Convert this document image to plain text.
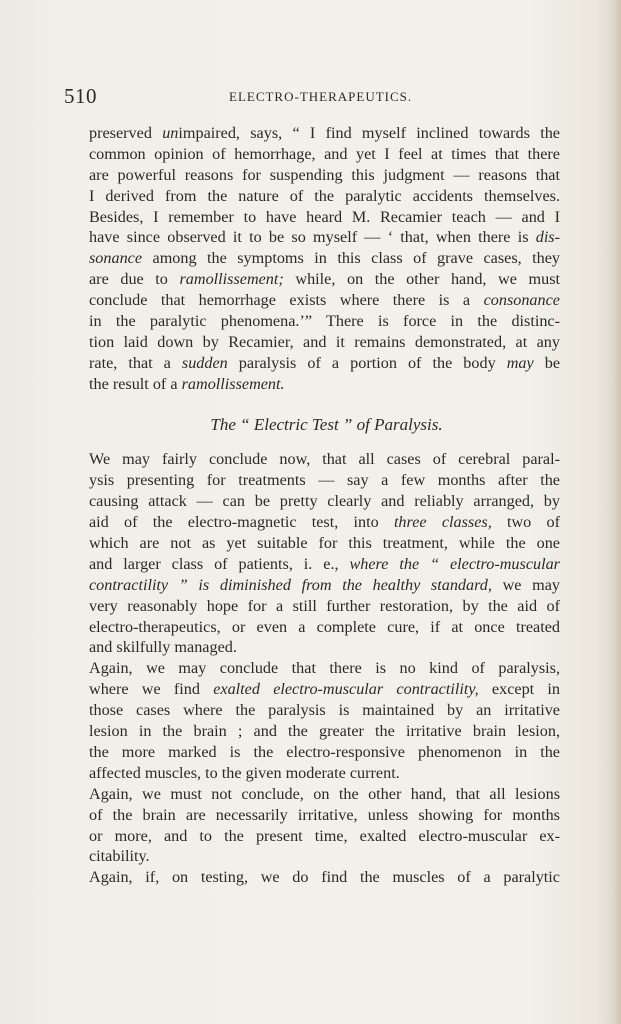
510	ELECTRO-THERAPEUTICS.
preserved unimpaired, says, “ I find myself inclined towards the
common opinion of hemorrhage, and yet I feel at times that there
are powerful reasons for suspending this judgment — reasons that
I derived from the nature of the paralytic accidents themselves.
Besides, I remember to have heard M. Recamier teach — and I
have since observed it to be so myself — ‘ that, when there is dis-
sonance among the symptoms in this class of grave cases, they
are due to ramollissement; while, on the other hand, we must
conclude that hemorrhage exists where there is a consonance
in the paralytic phenomena.’” There is force in the distinc-
tion laid down by Recamier, and it remains demonstrated, at any
rate, that a sudden paralysis of a portion of the body may be
the result of a ramollissement.
The “ Electric Test ” of Paralysis.
We may fairly conclude now, that all cases of cerebral paral-
ysis presenting for treatments — say a few months after the
causing attack — can be pretty clearly and reliably arranged, by
aid of the electro-magnetic test, into three classes, two of
which are not as yet suitable for this treatment, while the one
and larger class of patients, i. e., where the “ electro-muscular
contractility ” is diminished from the healthy standard, we may
very reasonably hope for a still further restoration, by the aid of
electro-therapeutics, or even a complete cure, if at once treated
and skilfully managed.
Again, we may conclude that there is no kind of paralysis,
where we find exalted electro-muscular contractility, except in
those cases where the paralysis is maintained by an irritative
lesion in the brain ; and the greater the irritative brain lesion,
the more marked is the electro-responsive phenomenon in the
affected muscles, to the given moderate current.
Again, we must not conclude, on the other hand, that all lesions
of the brain are necessarily irritative, unless showing for months
or more, and to the present time, exalted electro-muscular ex-
citability.
Again, if, on testing, we do find the muscles of a paralytic
